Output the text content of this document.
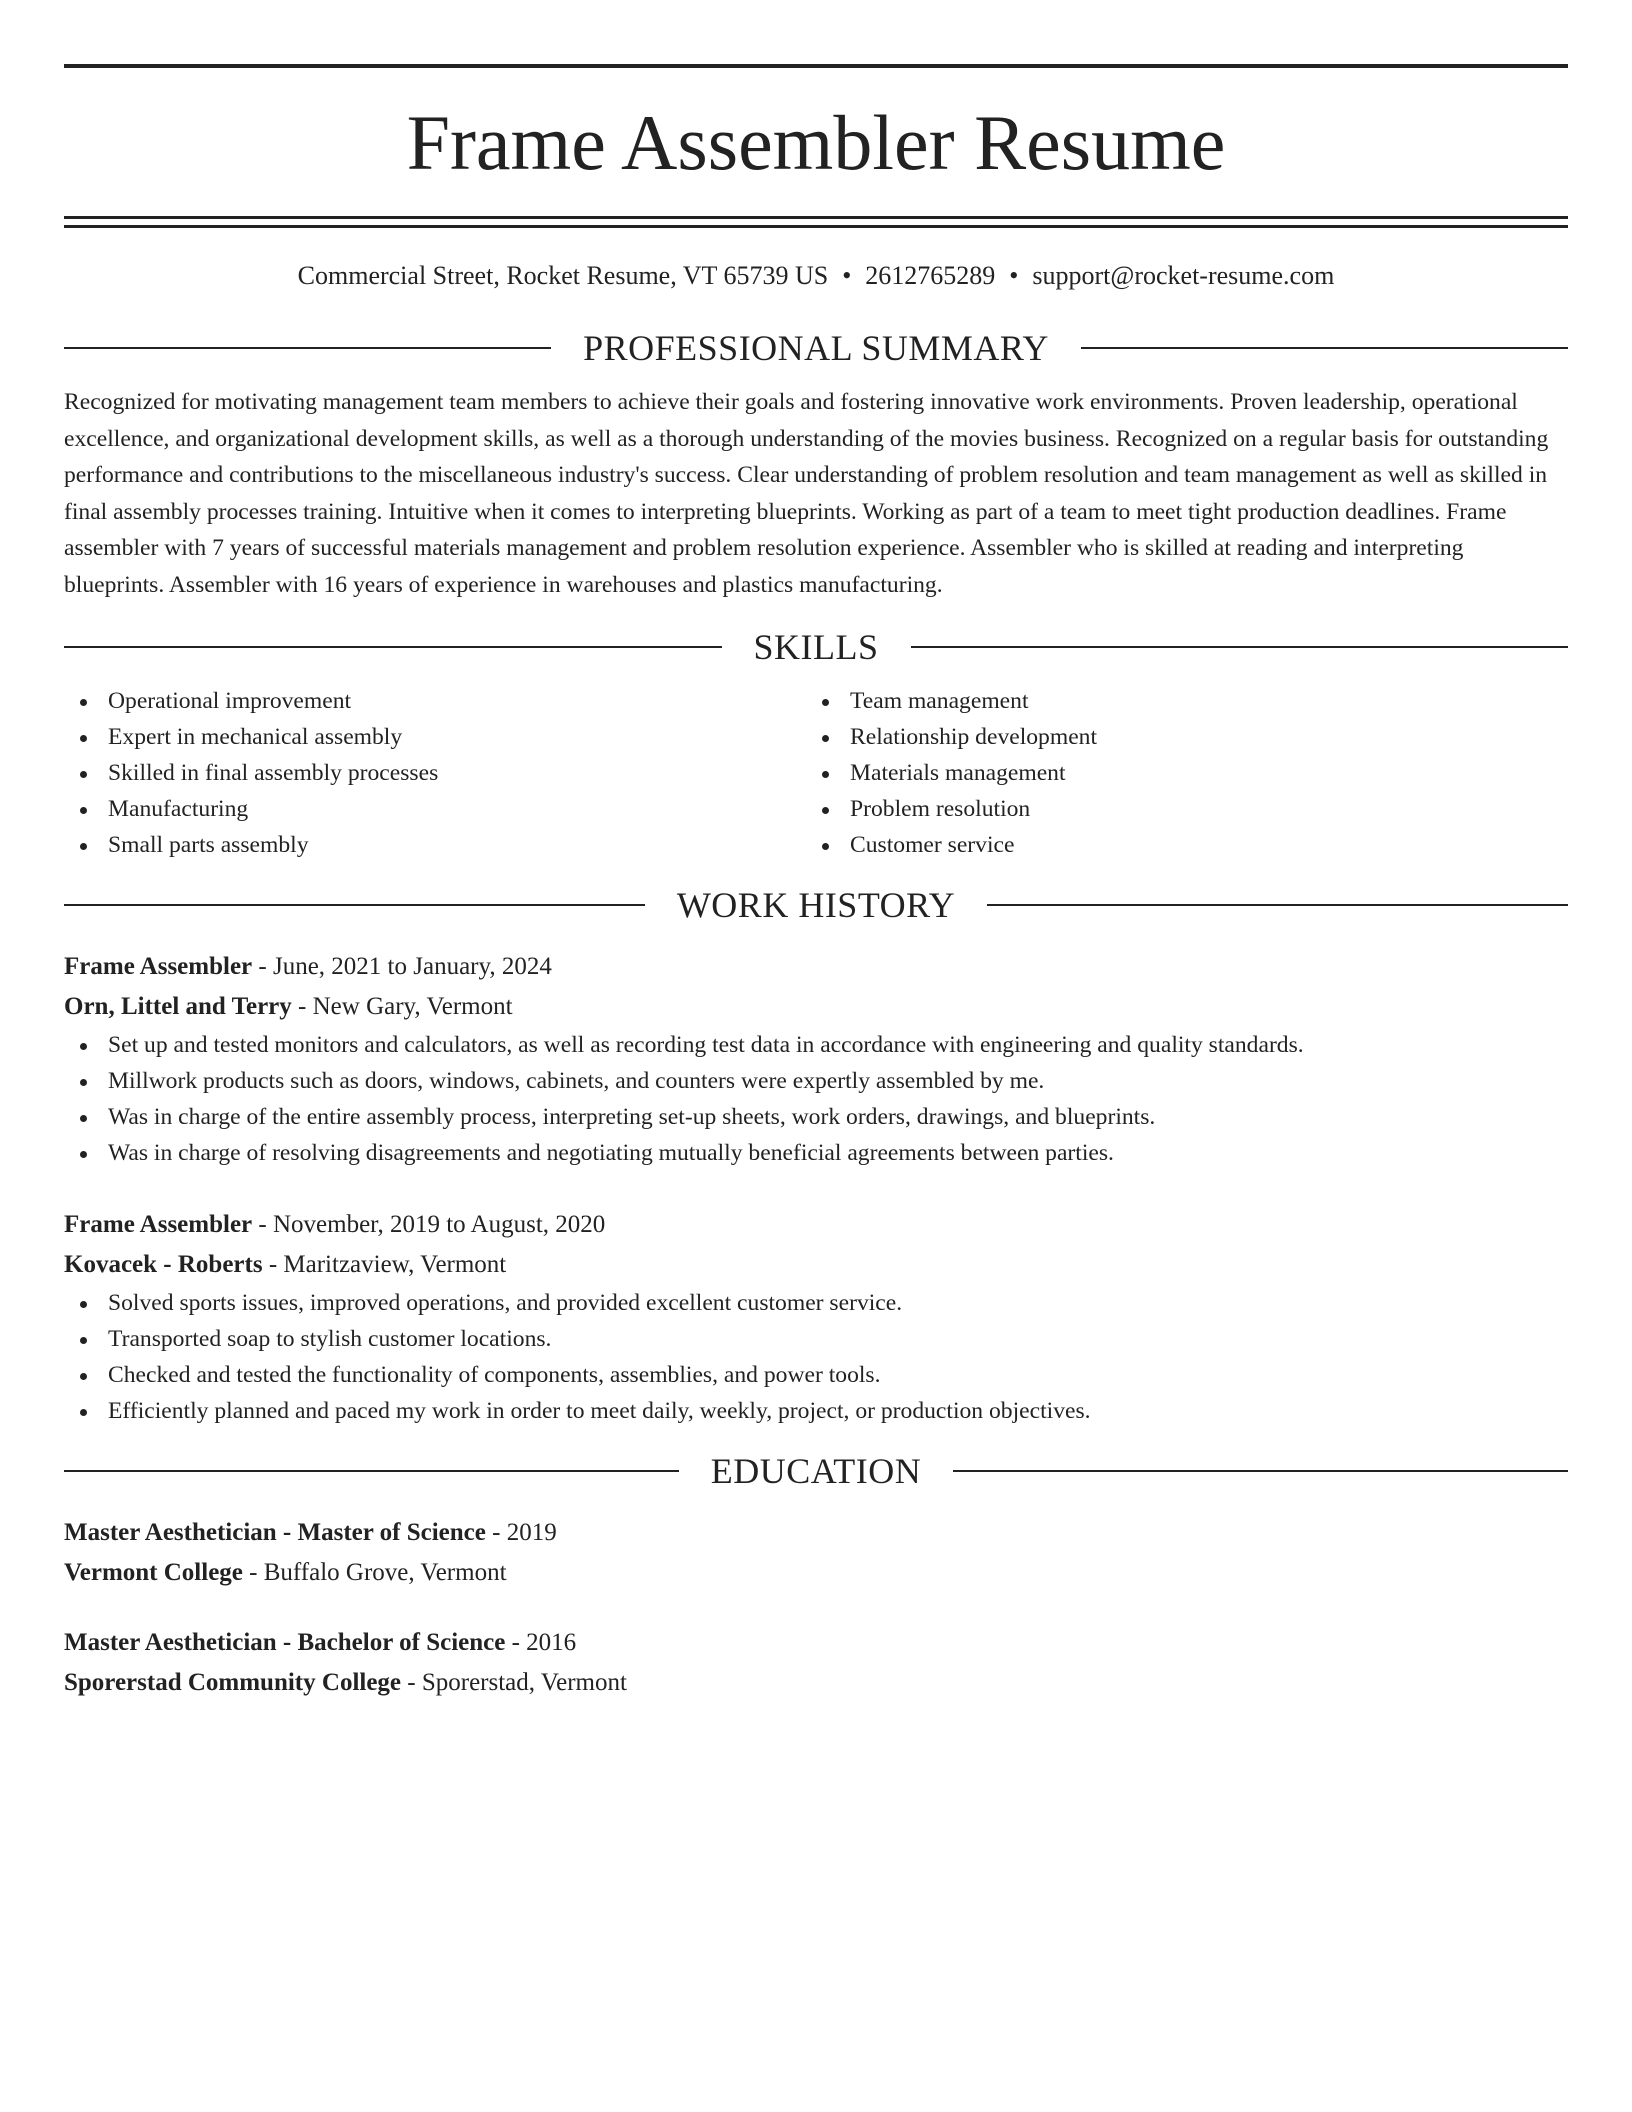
Frame Assembler Resume
Commercial Street, Rocket Resume, VT 65739 US • 2612765289 • support@rocket-resume.com
PROFESSIONAL SUMMARY
Recognized for motivating management team members to achieve their goals and fostering innovative work environments. Proven leadership, operational excellence, and organizational development skills, as well as a thorough understanding of the movies business. Recognized on a regular basis for outstanding performance and contributions to the miscellaneous industry's success. Clear understanding of problem resolution and team management as well as skilled in final assembly processes training. Intuitive when it comes to interpreting blueprints. Working as part of a team to meet tight production deadlines. Frame assembler with 7 years of successful materials management and problem resolution experience. Assembler who is skilled at reading and interpreting blueprints. Assembler with 16 years of experience in warehouses and plastics manufacturing.
SKILLS
Operational improvement
Expert in mechanical assembly
Skilled in final assembly processes
Manufacturing
Small parts assembly
Team management
Relationship development
Materials management
Problem resolution
Customer service
WORK HISTORY
Frame Assembler - June, 2021 to January, 2024
Orn, Littel and Terry - New Gary, Vermont
Set up and tested monitors and calculators, as well as recording test data in accordance with engineering and quality standards.
Millwork products such as doors, windows, cabinets, and counters were expertly assembled by me.
Was in charge of the entire assembly process, interpreting set-up sheets, work orders, drawings, and blueprints.
Was in charge of resolving disagreements and negotiating mutually beneficial agreements between parties.
Frame Assembler - November, 2019 to August, 2020
Kovacek - Roberts - Maritzaview, Vermont
Solved sports issues, improved operations, and provided excellent customer service.
Transported soap to stylish customer locations.
Checked and tested the functionality of components, assemblies, and power tools.
Efficiently planned and paced my work in order to meet daily, weekly, project, or production objectives.
EDUCATION
Master Aesthetician - Master of Science - 2019
Vermont College - Buffalo Grove, Vermont
Master Aesthetician - Bachelor of Science - 2016
Sporerstad Community College - Sporerstad, Vermont
